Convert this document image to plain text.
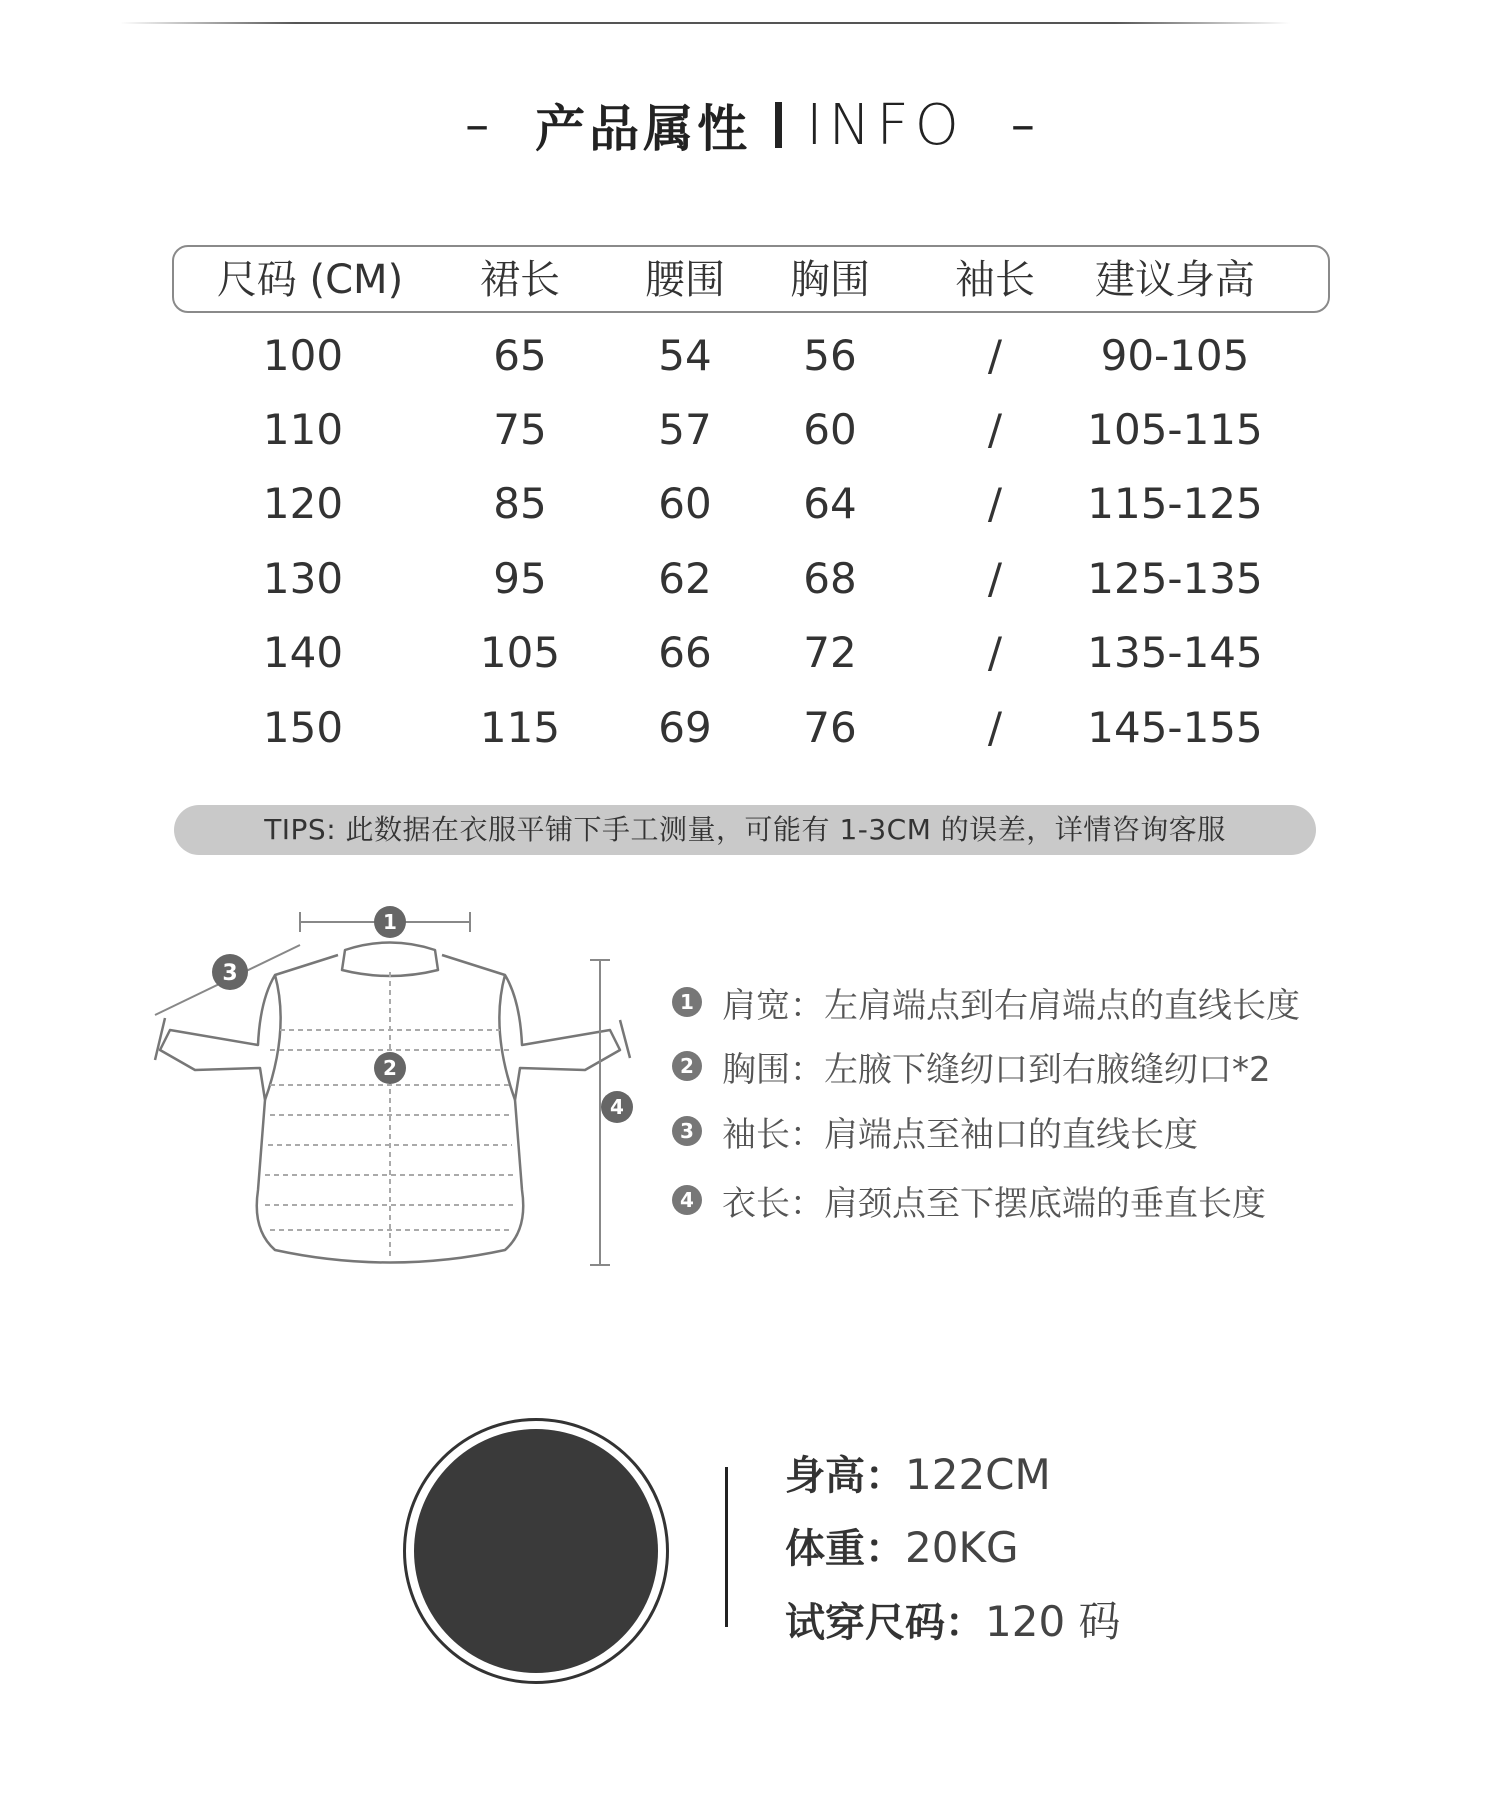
– 产品属性 INFO –
尺码 (CM)	裙长	腰围	胸围	袖长	建议身高
100	65	54	56	/	90-105
110	75	57	60	/	105-115
120	85	60	64	/	115-125
130	95	62	68	/	125-135
140	105	66	72	/	135-145
150	115	69	76	/	145-155
TIPS: 此数据在衣服平铺下手工测量，可能有 1-3CM 的误差，详情咨询客服
1
2
3
4
1 肩宽：左肩端点到右肩端点的直线长度
2 胸围：左腋下缝纫口到右腋缝纫口*2
3 袖长：肩端点至袖口的直线长度
4 衣长：肩颈点至下摆底端的垂直长度
身高：122CM
体重：20KG
试穿尺码：120 码
